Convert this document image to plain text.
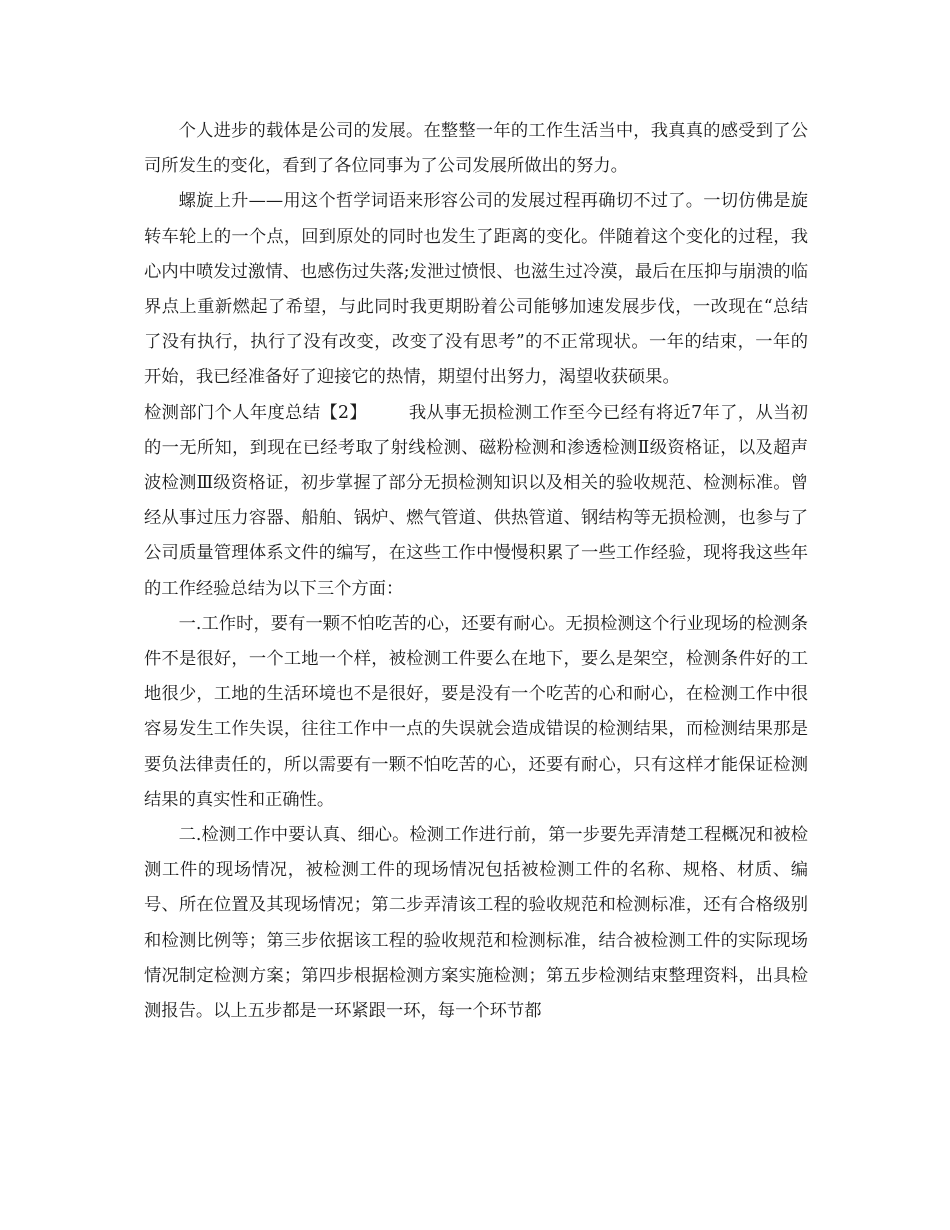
个人进步的载体是公司的发展。在整整一年的工作生活当中，我真真的感受到了公司所发生的变化，看到了各位同事为了公司发展所做出的努力。

螺旋上升——用这个哲学词语来形容公司的发展过程再确切不过了。一切仿佛是旋转车轮上的一个点，回到原处的同时也发生了距离的变化。伴随着这个变化的过程，我心内中喷发过激情、也感伤过失落;发泄过愤恨、也滋生过冷漠，最后在压抑与崩溃的临界点上重新燃起了希望，与此同时我更期盼着公司能够加速发展步伐，一改现在“总结了没有执行，执行了没有改变，改变了没有思考”的不正常现状。一年的结束，一年的开始，我已经准备好了迎接它的热情，期望付出努力，渴望收获硕果。

检测部门个人年度总结【2】 我从事无损检测工作至今已经有将近7年了，从当初的一无所知，到现在已经考取了射线检测、磁粉检测和渗透检测Ⅱ级资格证，以及超声波检测Ⅲ级资格证，初步掌握了部分无损检测知识以及相关的验收规范、检测标准。曾经从事过压力容器、船舶、锅炉、燃气管道、供热管道、钢结构等无损检测，也参与了公司质量管理体系文件的编写，在这些工作中慢慢积累了一些工作经验，现将我这些年的工作经验总结为以下三个方面：

一.工作时，要有一颗不怕吃苦的心，还要有耐心。无损检测这个行业现场的检测条件不是很好，一个工地一个样，被检测工件要么在地下，要么是架空，检测条件好的工地很少，工地的生活环境也不是很好，要是没有一个吃苦的心和耐心，在检测工作中很容易发生工作失误，往往工作中一点的失误就会造成错误的检测结果，而检测结果那是要负法律责任的，所以需要有一颗不怕吃苦的心，还要有耐心，只有这样才能保证检测结果的真实性和正确性。

二.检测工作中要认真、细心。检测工作进行前，第一步要先弄清楚工程概况和被检测工件的现场情况，被检测工件的现场情况包括被检测工件的名称、规格、材质、编号、所在位置及其现场情况；第二步弄清该工程的验收规范和检测标准，还有合格级别和检测比例等；第三步依据该工程的验收规范和检测标准，结合被检测工件的实际现场情况制定检测方案；第四步根据检测方案实施检测；第五步检测结束整理资料，出具检测报告。以上五步都是一环紧跟一环，每一个环节都
